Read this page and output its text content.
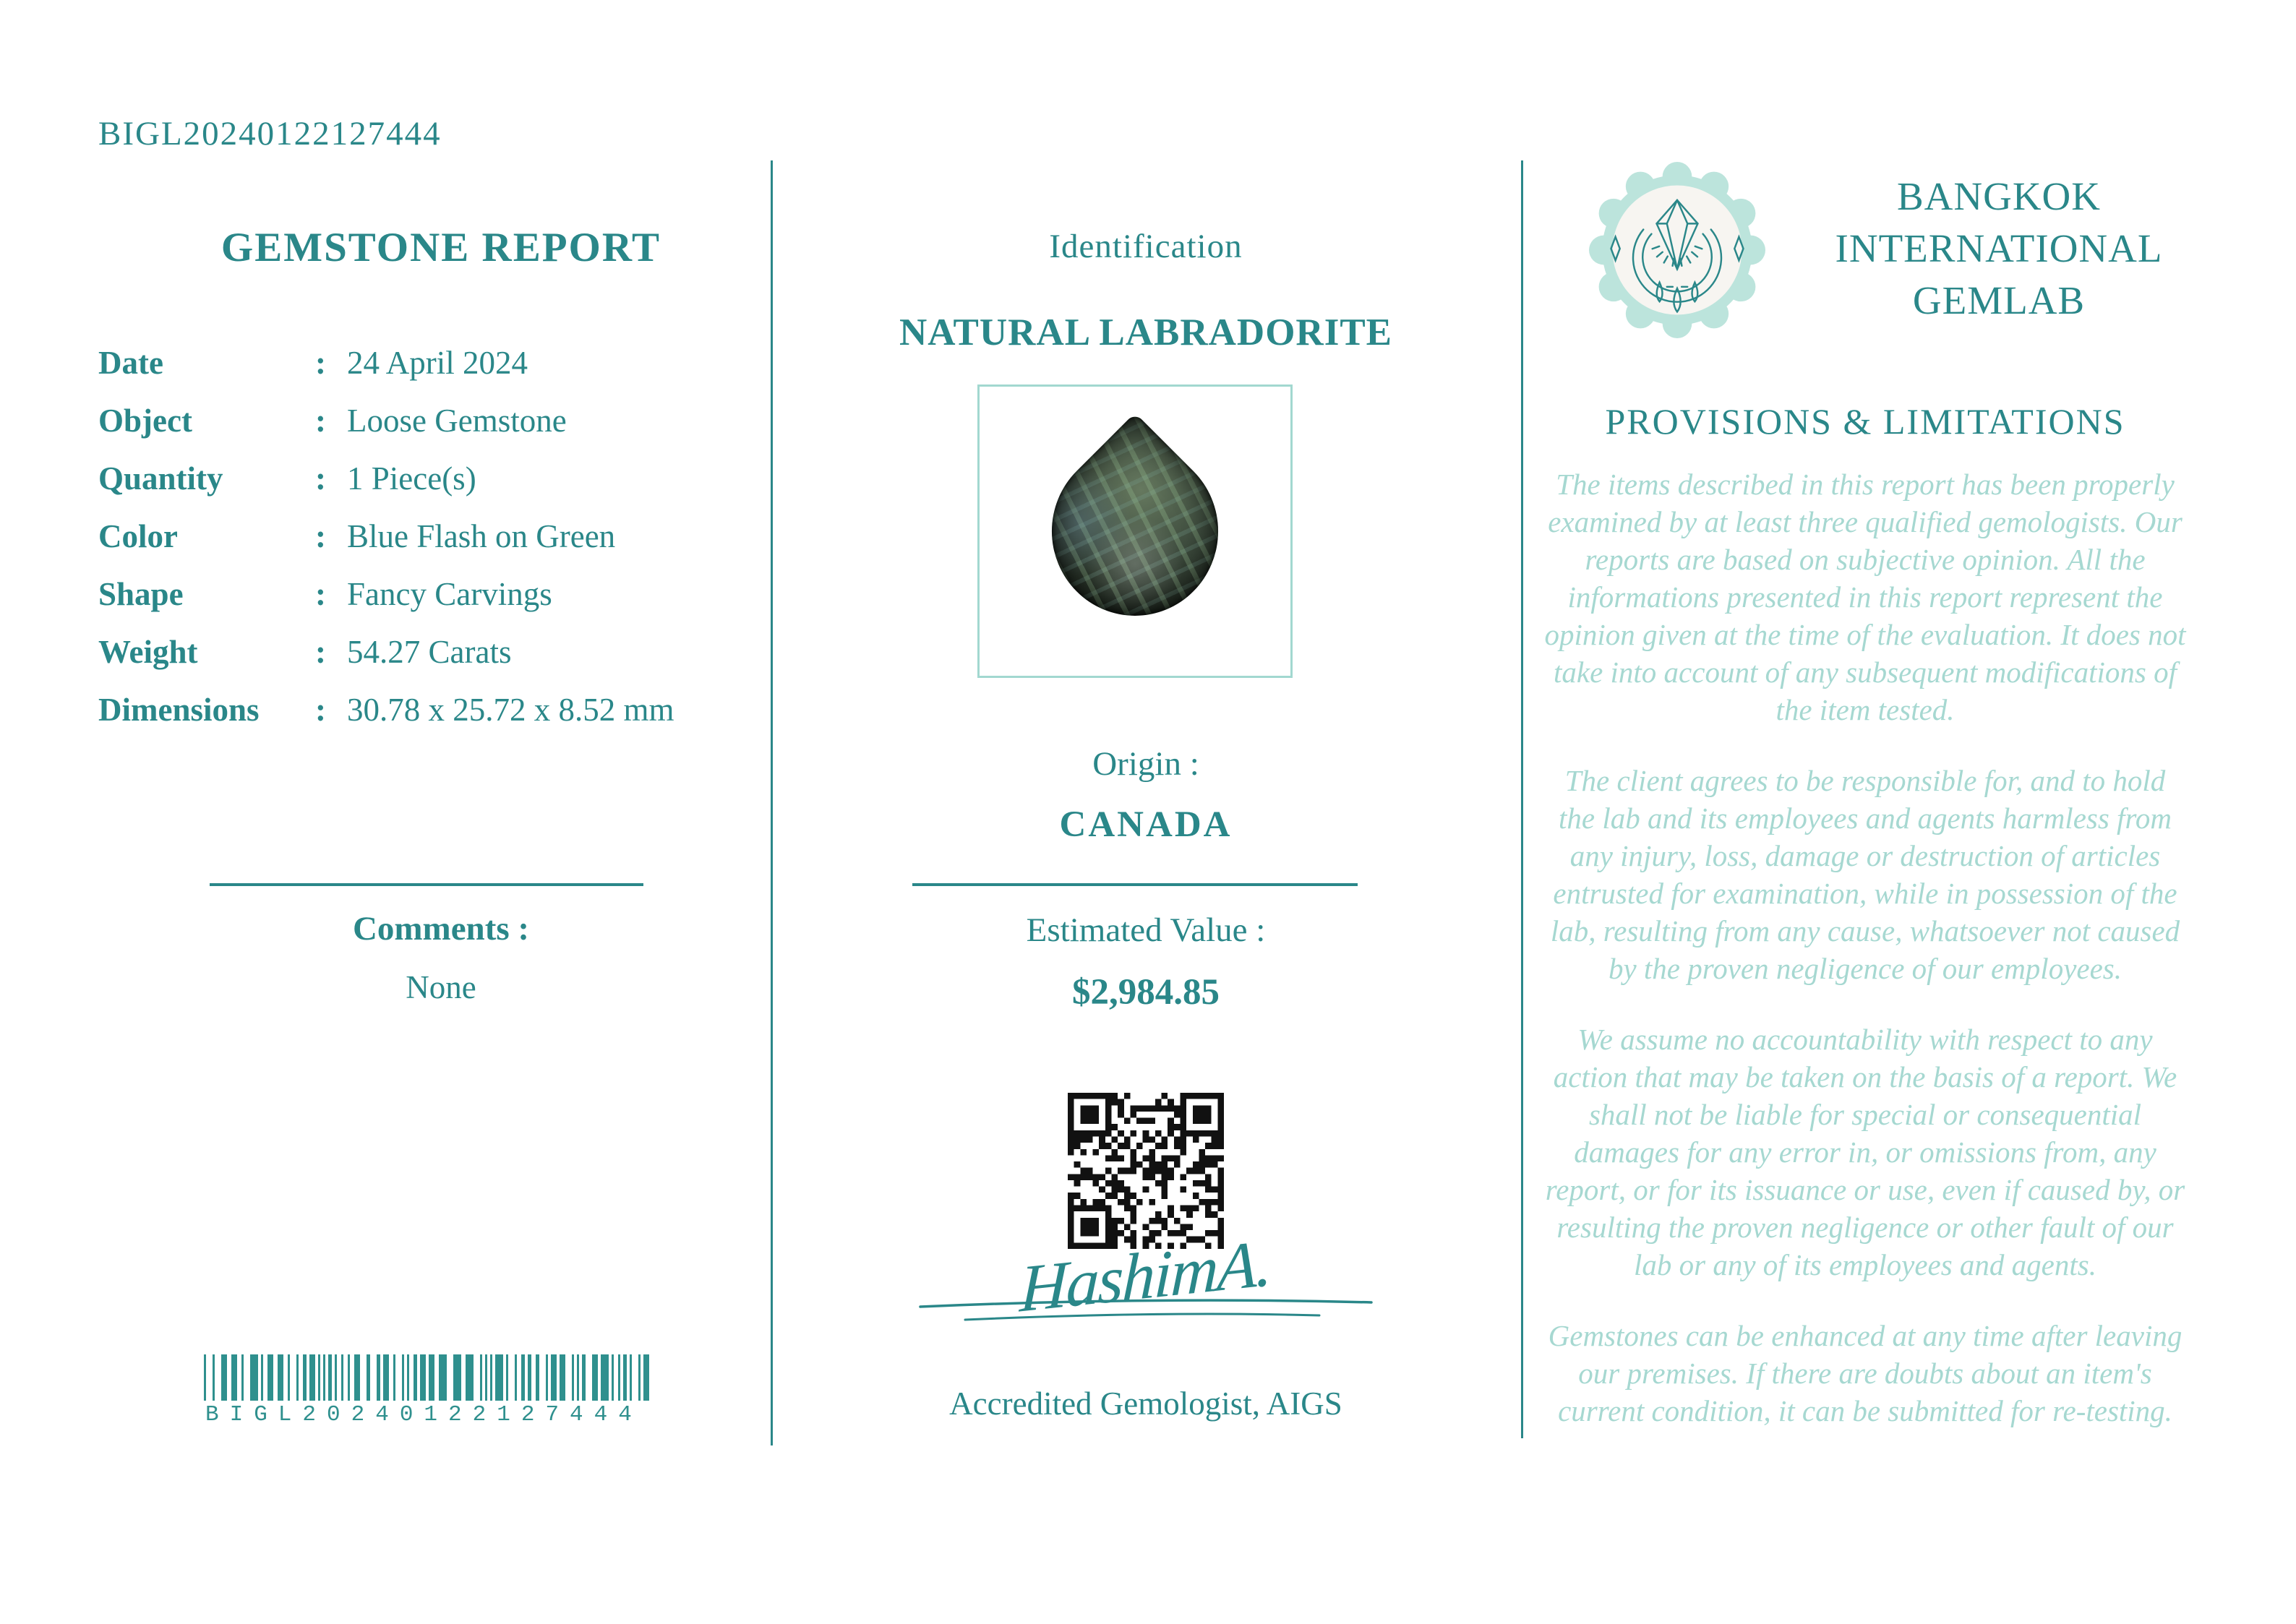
BIGL20240122127444
GEMSTONE REPORT
Date	: 24 April 2024
Object	: Loose Gemstone
Quantity	: 1 Piece(s)
Color	: Blue Flash on Green
Shape	: Fancy Carvings
Weight	: 54.27 Carats
Dimensions	: 30.78 x 25.72 x 8.52 mm
Comments :
None
BIGL20240122127444
Identification
NATURAL LABRADORITE
Origin :
CANADA
Estimated Value :
$2,984.85
HashimA.
Accredited Gemologist, AIGS
BANGKOK
INTERNATIONAL
GEMLAB
PROVISIONS & LIMITATIONS

The items described in this report has been properly examined by at least three qualified gemologists. Our reports are based on subjective opinion. All the informations presented in this report represent the opinion given at the time of the evaluation. It does not take into account of any subsequent modifications of the item tested.

The client agrees to be responsible for, and to hold the lab and its employees and agents harmless from any injury, loss, damage or destruction of articles entrusted for examination, while in possession of the lab, resulting from any cause, whatsoever not caused by the proven negligence of our employees.

We assume no accountability with respect to any action that may be taken on the basis of a report. We shall not be liable for special or consequential damages for any error in, or omissions from, any report, or for its issuance or use, even if caused by, or resulting the proven negligence or other fault of our lab or any of its employees and agents.

Gemstones can be enhanced at any time after leaving our premises. If there are doubts about an item's current condition, it can be submitted for re-testing.
